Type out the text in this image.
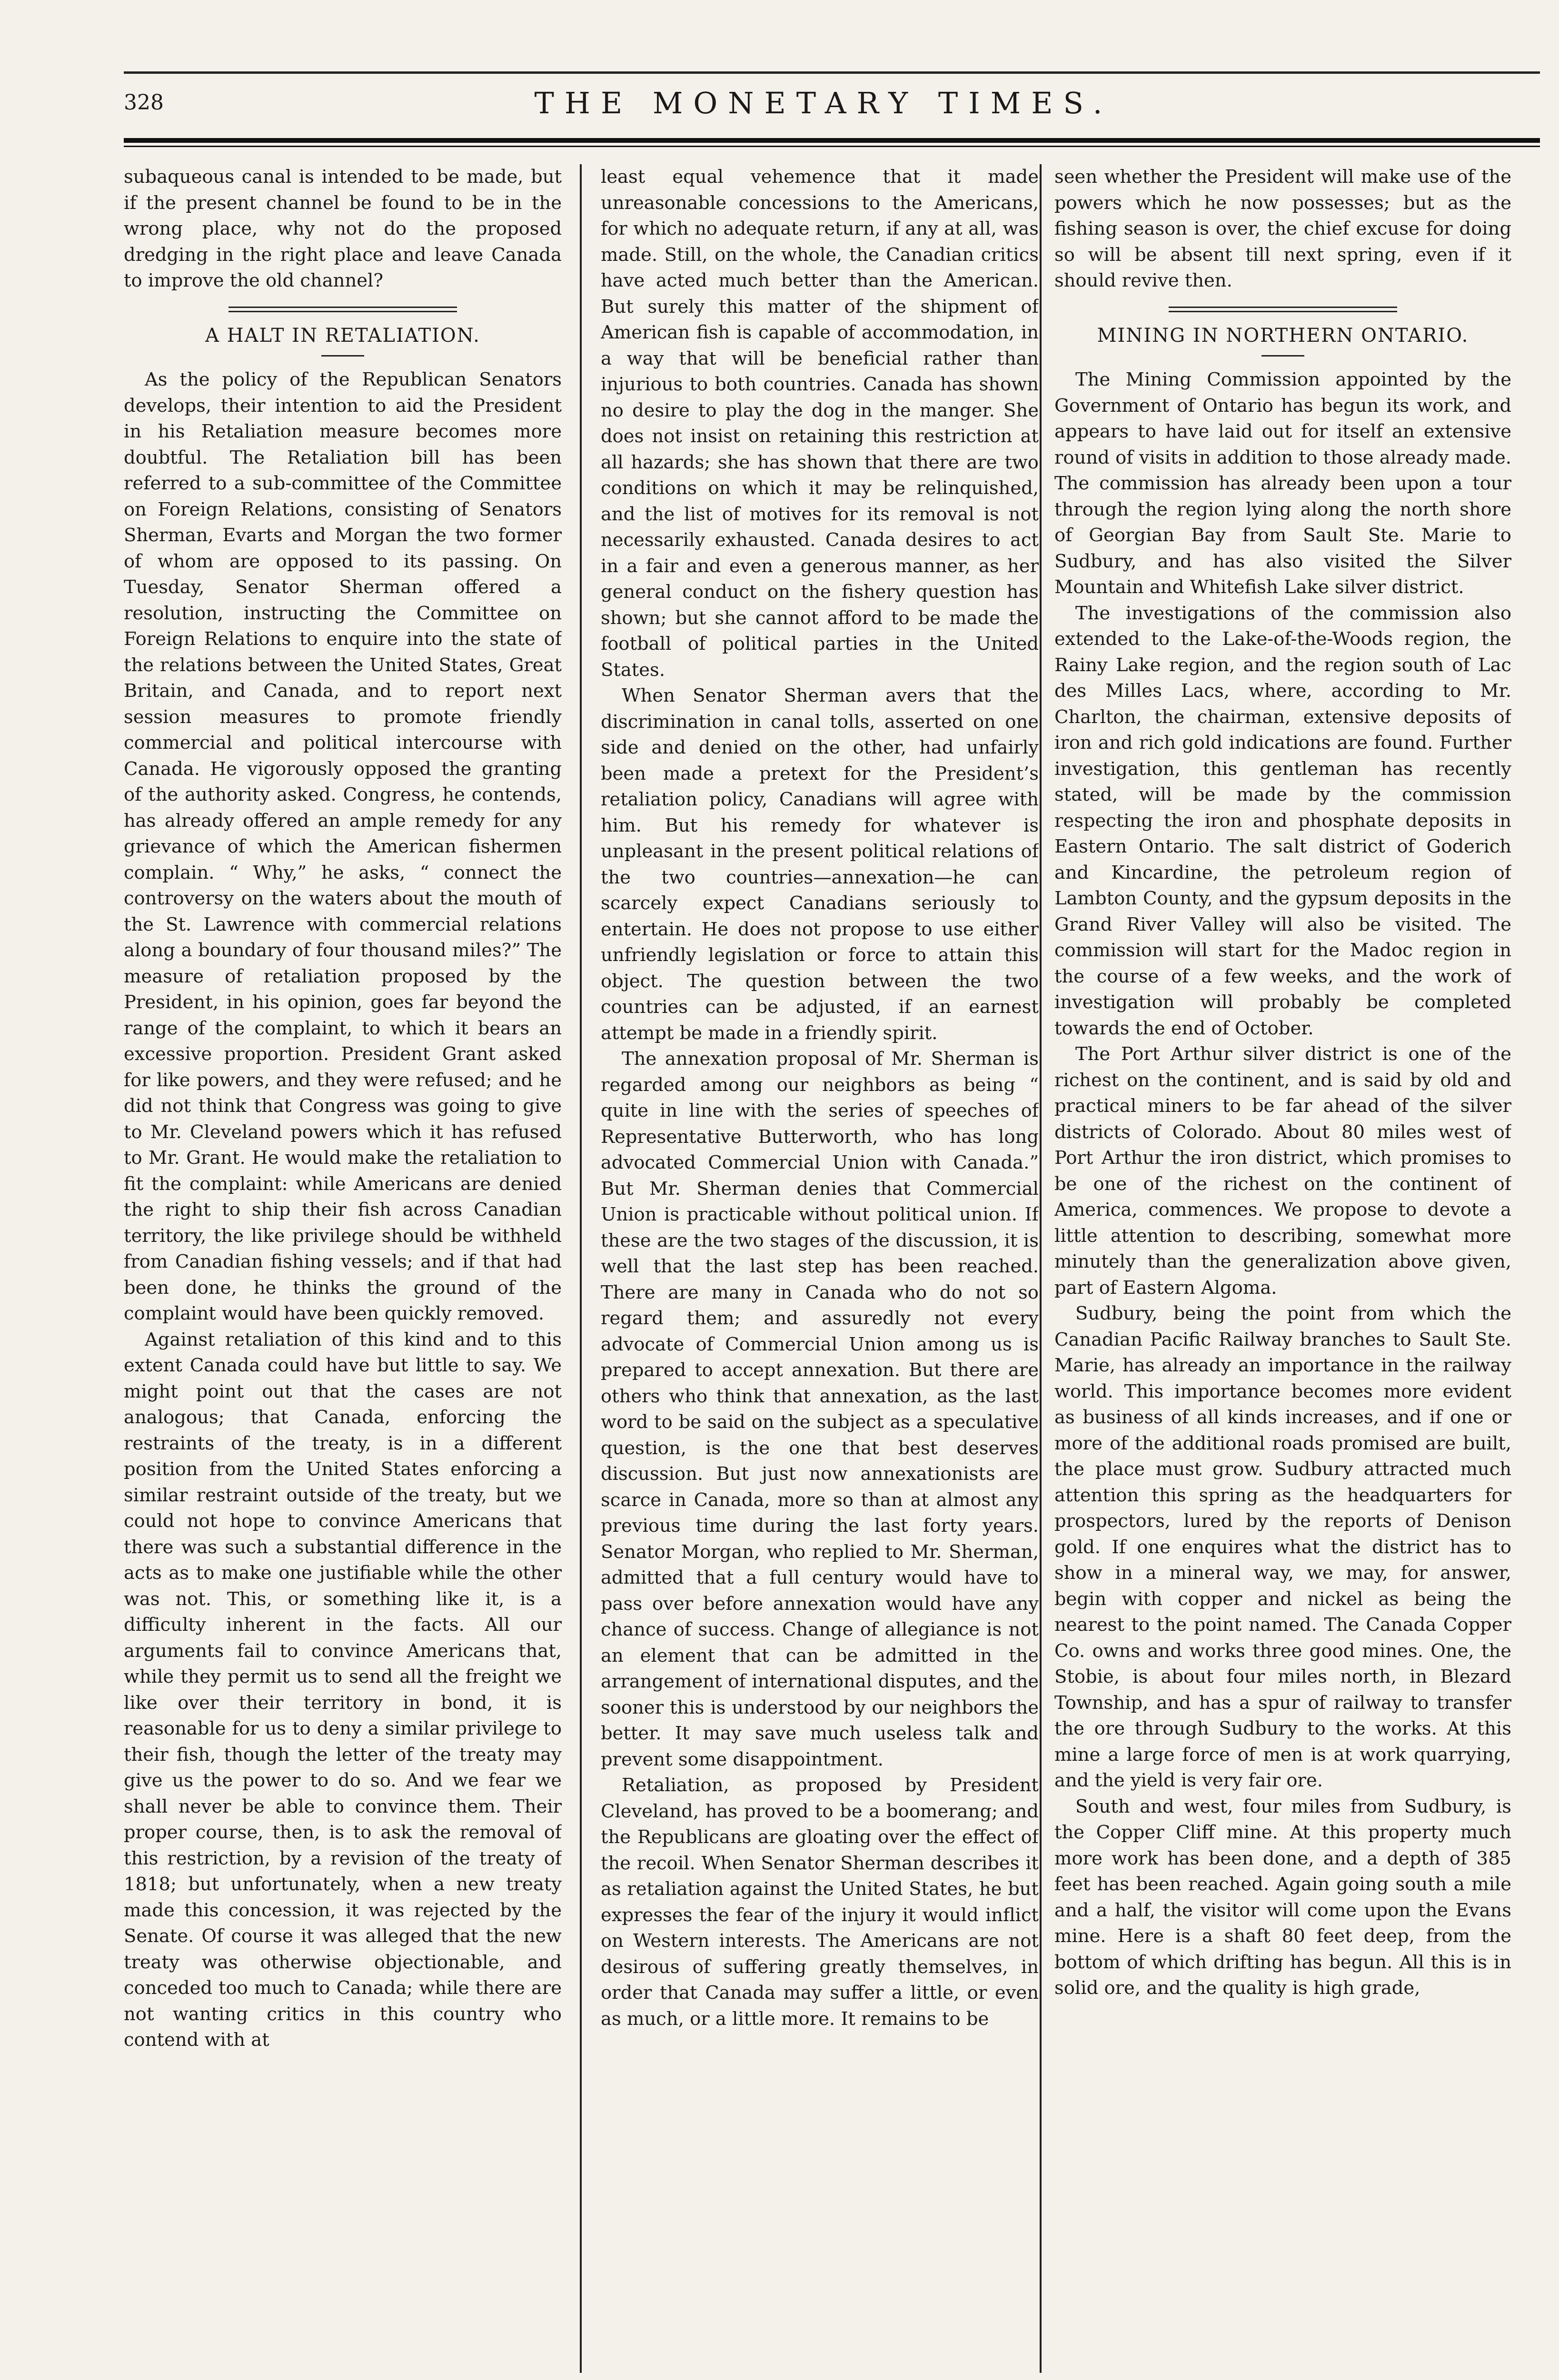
328	THE MONETARY TIMES.

subaqueous canal is intended to be made, but if the present channel be found to be in the wrong place, why not do the proposed dredging in the right place and leave Canada to improve the old channel?

A HALT IN RETALIATION.

As the policy of the Republican Senators develops, their intention to aid the President in his Retaliation measure becomes more doubtful. The Retaliation bill has been referred to a sub-committee of the Committee on Foreign Relations, consisting of Senators Sherman, Evarts and Morgan the two former of whom are opposed to its passing. On Tuesday, Senator Sherman offered a resolution, instructing the Committee on Foreign Relations to enquire into the state of the relations between the United States, Great Britain, and Canada, and to report next session measures to promote friendly commercial and political intercourse with Canada. He vigorously opposed the granting of the authority asked. Congress, he contends, has already offered an ample remedy for any grievance of which the American fishermen complain. “ Why,” he asks, “ connect the controversy on the waters about the mouth of the St. Lawrence with commercial relations along a boundary of four thousand miles?” The measure of retaliation proposed by the President, in his opinion, goes far beyond the range of the complaint, to which it bears an excessive proportion. President Grant asked for like powers, and they were refused; and he did not think that Congress was going to give to Mr. Cleveland powers which it has refused to Mr. Grant. He would make the retaliation to fit the complaint: while Americans are denied the right to ship their fish across Canadian territory, the like privilege should be withheld from Canadian fishing vessels; and if that had been done, he thinks the ground of the complaint would have been quickly removed.

Against retaliation of this kind and to this extent Canada could have but little to say. We might point out that the cases are not analogous; that Canada, enforcing the restraints of the treaty, is in a different position from the United States enforcing a similar restraint outside of the treaty, but we could not hope to convince Americans that there was such a substantial difference in the acts as to make one justifiable while the other was not. This, or something like it, is a difficulty inherent in the facts. All our arguments fail to convince Americans that, while they permit us to send all the freight we like over their territory in bond, it is reasonable for us to deny a similar privilege to their fish, though the letter of the treaty may give us the power to do so. And we fear we shall never be able to convince them. Their proper course, then, is to ask the removal of this restriction, by a revision of the treaty of 1818; but unfortunately, when a new treaty made this concession, it was rejected by the Senate. Of course it was alleged that the new treaty was otherwise objectionable, and conceded too much to Canada; while there are not wanting critics in this country who contend with at

least equal vehemence that it made unreasonable concessions to the Americans, for which no adequate return, if any at all, was made. Still, on the whole, the Canadian critics have acted much better than the American. But surely this matter of the shipment of American fish is capable of accommodation, in a way that will be beneficial rather than injurious to both countries. Canada has shown no desire to play the dog in the manger. She does not insist on retaining this restriction at all hazards; she has shown that there are two conditions on which it may be relinquished, and the list of motives for its removal is not necessarily exhausted. Canada desires to act in a fair and even a generous manner, as her general conduct on the fishery question has shown; but she cannot afford to be made the football of political parties in the United States.

When Senator Sherman avers that the discrimination in canal tolls, asserted on one side and denied on the other, had unfairly been made a pretext for the President’s retaliation policy, Canadians will agree with him. But his remedy for whatever is unpleasant in the present political relations of the two countries—annexation—he can scarcely expect Canadians seriously to entertain. He does not propose to use either unfriendly legislation or force to attain this object. The question between the two countries can be adjusted, if an earnest attempt be made in a friendly spirit.

The annexation proposal of Mr. Sherman is regarded among our neighbors as being “ quite in line with the series of speeches of Representative Butterworth, who has long advocated Commercial Union with Canada.” But Mr. Sherman denies that Commercial Union is practicable without political union. If these are the two stages of the discussion, it is well that the last step has been reached. There are many in Canada who do not so regard them; and assuredly not every advocate of Commercial Union among us is prepared to accept annexation. But there are others who think that annexation, as the last word to be said on the subject as a speculative question, is the one that best deserves discussion. But just now annexationists are scarce in Canada, more so than at almost any previous time during the last forty years. Senator Morgan, who replied to Mr. Sherman, admitted that a full century would have to pass over before annexation would have any chance of success. Change of allegiance is not an element that can be admitted in the arrangement of international disputes, and the sooner this is understood by our neighbors the better. It may save much useless talk and prevent some disappointment.

Retaliation, as proposed by President Cleveland, has proved to be a boomerang; and the Republicans are gloating over the effect of the recoil. When Senator Sherman describes it as retaliation against the United States, he but expresses the fear of the injury it would inflict on Western interests. The Americans are not desirous of suffering greatly themselves, in order that Canada may suffer a little, or even as much, or a little more. It remains to be

seen whether the President will make use of the powers which he now possesses; but as the fishing season is over, the chief excuse for doing so will be absent till next spring, even if it should revive then.

MINING IN NORTHERN ONTARIO.

The Mining Commission appointed by the Government of Ontario has begun its work, and appears to have laid out for itself an extensive round of visits in addition to those already made. The commission has already been upon a tour through the region lying along the north shore of Georgian Bay from Sault Ste. Marie to Sudbury, and has also visited the Silver Mountain and Whitefish Lake silver district.

The investigations of the commission also extended to the Lake-of-the-Woods region, the Rainy Lake region, and the region south of Lac des Milles Lacs, where, according to Mr. Charlton, the chairman, extensive deposits of iron and rich gold indications are found. Further investigation, this gentleman has recently stated, will be made by the commission respecting the iron and phosphate deposits in Eastern Ontario. The salt district of Goderich and Kincardine, the petroleum region of Lambton County, and the gypsum deposits in the Grand River Valley will also be visited. The commission will start for the Madoc region in the course of a few weeks, and the work of investigation will probably be completed towards the end of October.

The Port Arthur silver district is one of the richest on the continent, and is said by old and practical miners to be far ahead of the silver districts of Colorado. About 80 miles west of Port Arthur the iron district, which promises to be one of the richest on the continent of America, commences. We propose to devote a little attention to describing, somewhat more minutely than the generalization above given, part of Eastern Algoma.

Sudbury, being the point from which the Canadian Pacific Railway branches to Sault Ste. Marie, has already an importance in the railway world. This importance becomes more evident as business of all kinds increases, and if one or more of the additional roads promised are built, the place must grow. Sudbury attracted much attention this spring as the headquarters for prospectors, lured by the reports of Denison gold. If one enquires what the district has to show in a mineral way, we may, for answer, begin with copper and nickel as being the nearest to the point named. The Canada Copper Co. owns and works three good mines. One, the Stobie, is about four miles north, in Blezard Township, and has a spur of railway to transfer the ore through Sudbury to the works. At this mine a large force of men is at work quarrying, and the yield is very fair ore.

South and west, four miles from Sudbury, is the Copper Cliff mine. At this property much more work has been done, and a depth of 385 feet has been reached. Again going south a mile and a half, the visitor will come upon the Evans mine. Here is a shaft 80 feet deep, from the bottom of which drifting has begun. All this is in solid ore, and the quality is high grade,
